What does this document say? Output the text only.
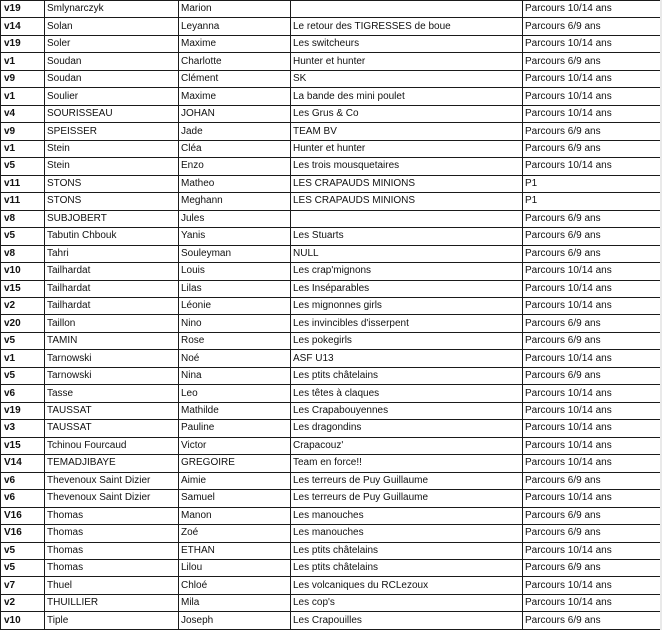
v19	Smlynarczyk	Marion		Parcours 10/14 ans
v14	Solan	Leyanna	Le retour des TIGRESSES de boue	Parcours 6/9 ans
v19	Soler	Maxime	Les switcheurs	Parcours 10/14 ans
v1	Soudan	Charlotte	Hunter et hunter	Parcours 6/9 ans
v9	Soudan	Clément	SK	Parcours 10/14 ans
v1	Soulier	Maxime	La bande des mini poulet	Parcours 10/14 ans
v4	SOURISSEAU	JOHAN	Les Grus & Co	Parcours 10/14 ans
v9	SPEISSER	Jade	TEAM BV	Parcours 6/9 ans
v1	Stein	Cléa	Hunter et hunter	Parcours 6/9 ans
v5	Stein	Enzo	Les trois mousquetaires	Parcours 10/14 ans
v11	STONS	Matheo	LES CRAPAUDS MINIONS	P1
v11	STONS	Meghann	LES CRAPAUDS MINIONS	P1
v8	SUBJOBERT	Jules		Parcours 6/9 ans
v5	Tabutin Chbouk	Yanis	Les Stuarts	Parcours 6/9 ans
v8	Tahri	Souleyman	NULL	Parcours 6/9 ans
v10	Tailhardat	Louis	Les crap'mignons	Parcours 10/14 ans
v15	Tailhardat	Lilas	Les Inséparables	Parcours 10/14 ans
v2	Tailhardat	Léonie	Les mignonnes girls	Parcours 10/14 ans
v20	Taillon	Nino	Les invincibles d'isserpent	Parcours 6/9 ans
v5	TAMIN	Rose	Les pokegirls	Parcours 6/9 ans
v1	Tarnowski	Noé	ASF U13	Parcours 10/14 ans
v5	Tarnowski	Nina	Les ptits châtelains	Parcours 6/9 ans
v6	Tasse	Leo	Les têtes à claques	Parcours 10/14 ans
v19	TAUSSAT	Mathilde	Les Crapabouyennes	Parcours 10/14 ans
v3	TAUSSAT	Pauline	Les dragondins	Parcours 10/14 ans
v15	Tchinou Fourcaud	Victor	Crapacouz'	Parcours 10/14 ans
V14	TEMADJIBAYE	GREGOIRE	Team en force!!	Parcours 10/14 ans
v6	Thevenoux Saint Dizier	Aimie	Les terreurs de Puy Guillaume	Parcours 6/9 ans
v6	Thevenoux Saint Dizier	Samuel	Les terreurs de Puy Guillaume	Parcours 10/14 ans
V16	Thomas	Manon	Les manouches	Parcours 6/9 ans
V16	Thomas	Zoé	Les manouches	Parcours 6/9 ans
v5	Thomas	ETHAN	Les ptits châtelains	Parcours 10/14 ans
v5	Thomas	Lilou	Les ptits châtelains	Parcours 6/9 ans
v7	Thuel	Chloé	Les volcaniques du RCLezoux	Parcours 10/14 ans
v2	THUILLIER	Mila	Les cop's	Parcours 10/14 ans
v10	Tiple	Joseph	Les Crapouilles	Parcours 6/9 ans
